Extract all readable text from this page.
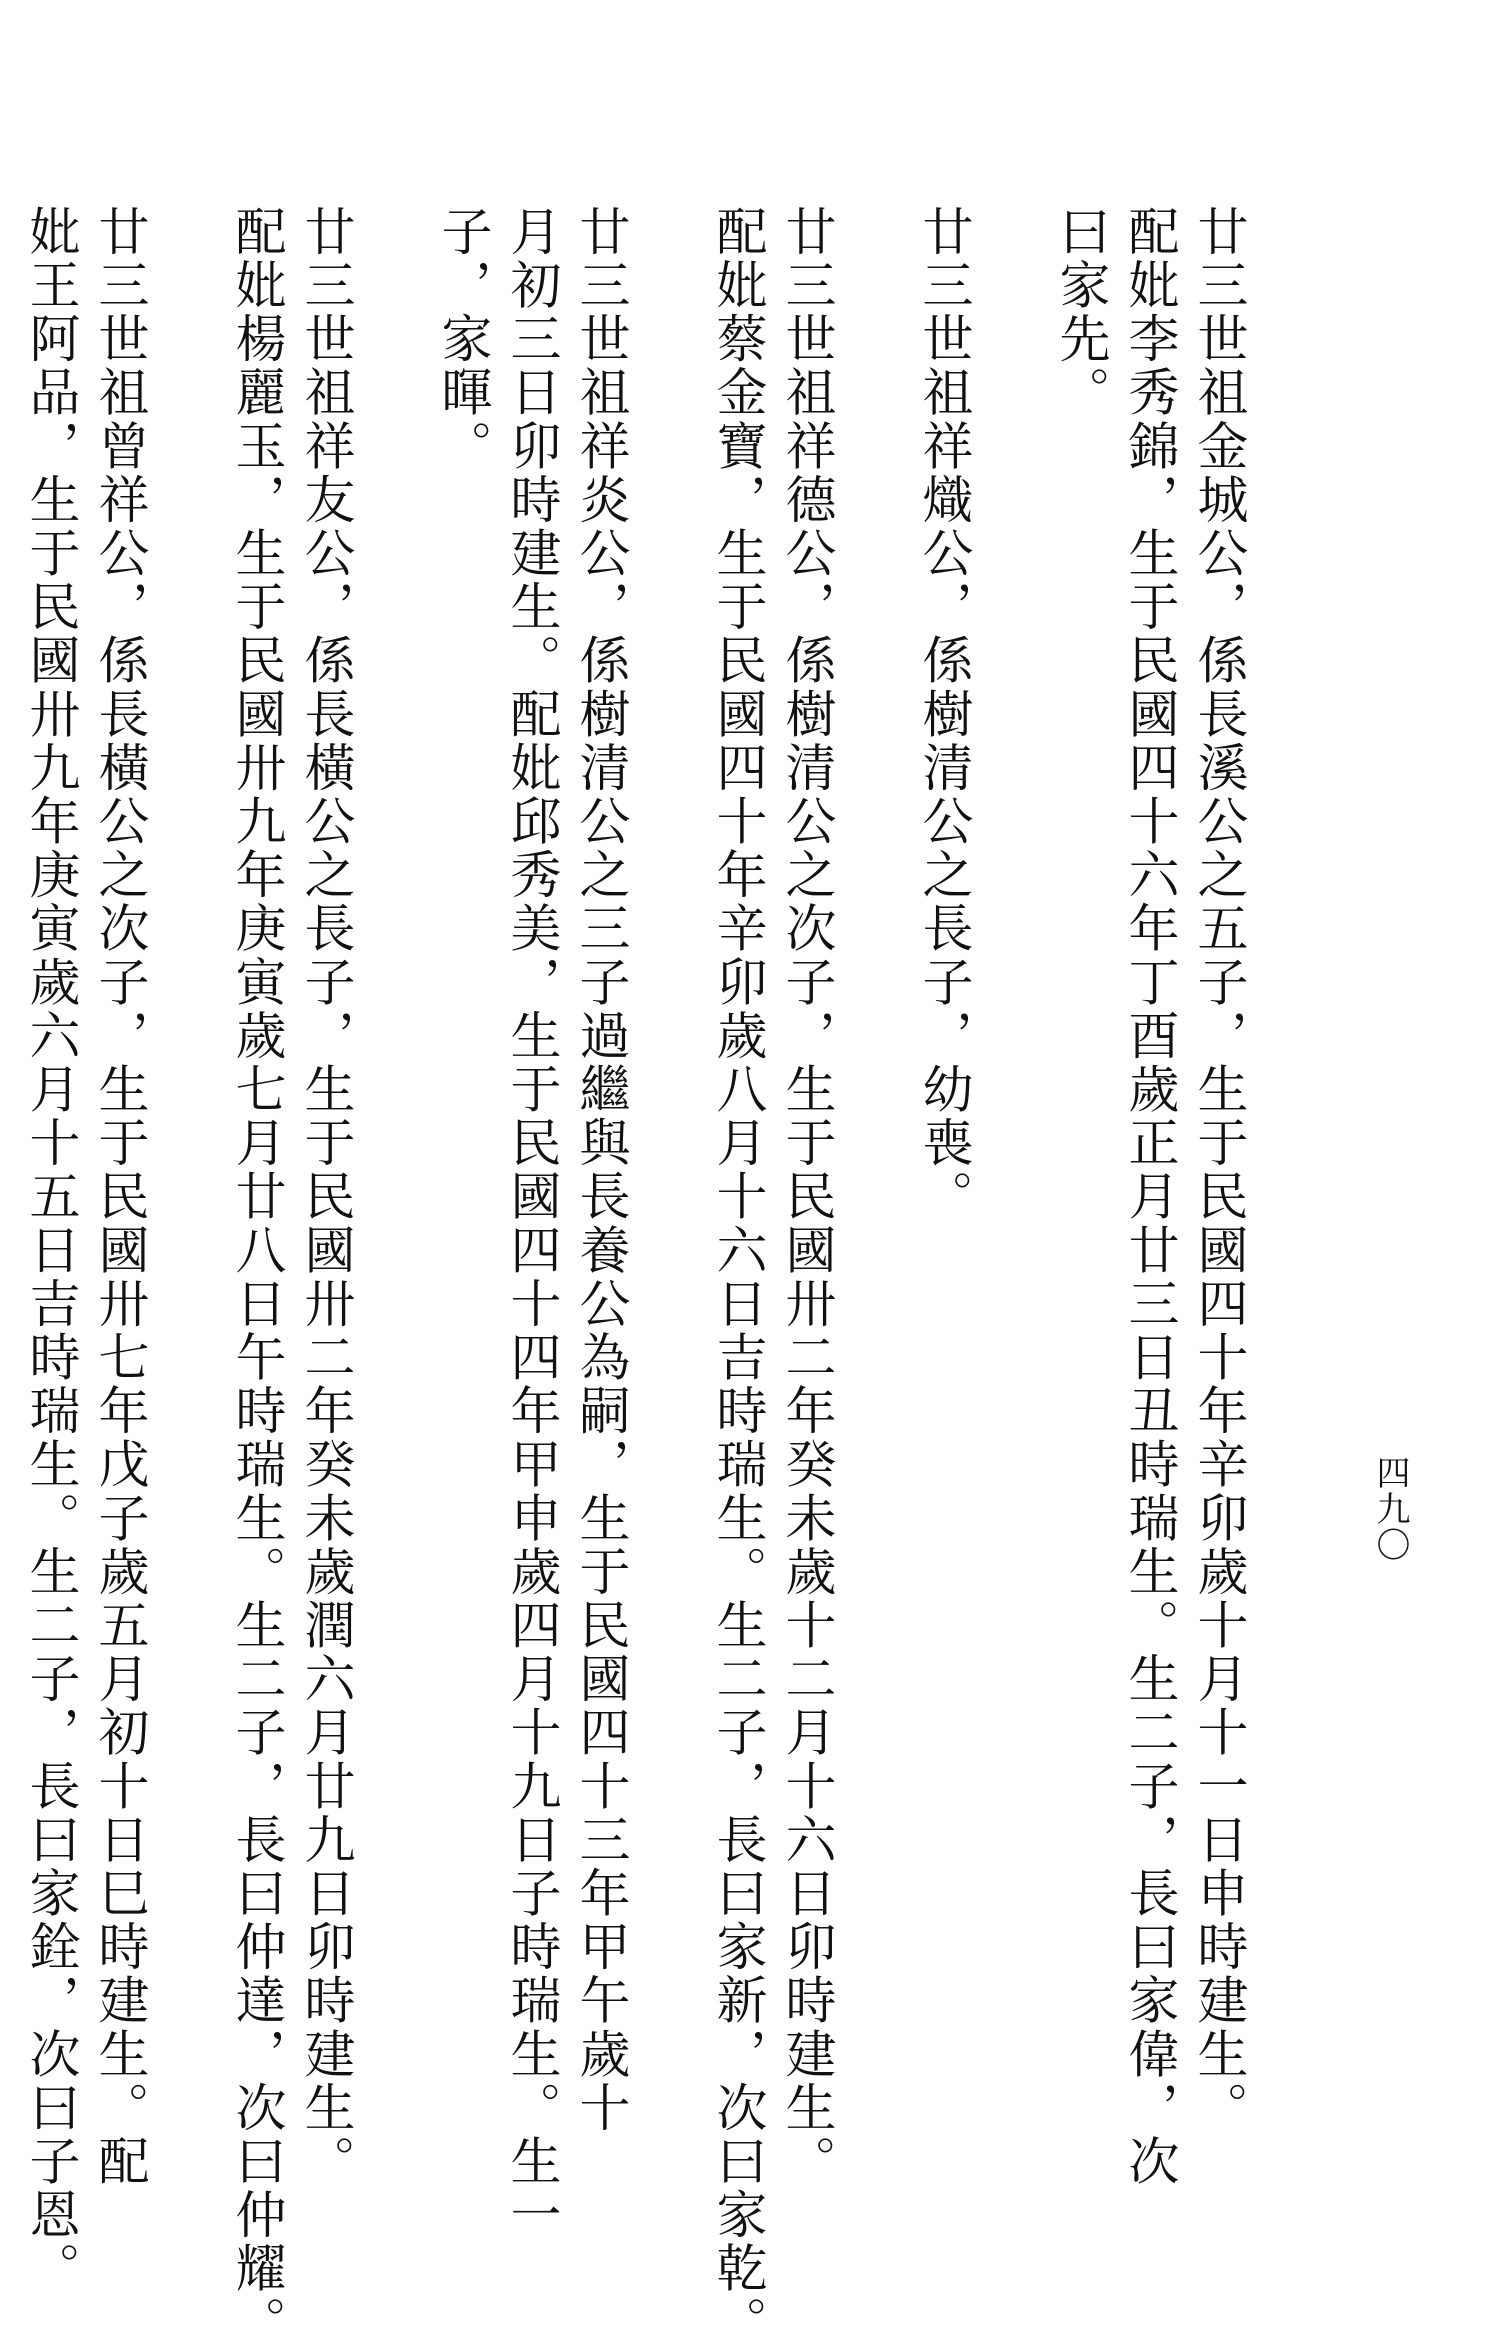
四九〇

廿三世祖金城公，係長溪公之五子，生于民國四十年辛卯歲十月十一日申時建生。

配妣李秀錦，生于民國四十六年丁酉歲正月廿三日丑時瑞生。生二子，長曰家偉，次

曰家先。

廿三世祖祥熾公，係樹清公之長子，幼喪。

廿三世祖祥德公，係樹清公之次子，生于民國卅二年癸未歲十二月十六日卯時建生。

配妣蔡金寶，生于民國四十年辛卯歲八月十六日吉時瑞生。生二子，長曰家新，次曰家乾。

廿三世祖祥炎公，係樹清公之三子過繼與長養公為嗣，生于民國四十三年甲午歲十

月初三日卯時建生。配妣邱秀美，生于民國四十四年甲申歲四月十九日子時瑞生。生一

子，家暉。

廿三世祖祥友公，係長橫公之長子，生于民國卅二年癸未歲潤六月廿九日卯時建生。

配妣楊麗玉，生于民國卅九年庚寅歲七月廿八日午時瑞生。生二子，長曰仲達，次曰仲耀。

廿三世祖曾祥公，係長橫公之次子，生于民國卅七年戊子歲五月初十日巳時建生。配

妣王阿品，生于民國卅九年庚寅歲六月十五日吉時瑞生。生二子，長曰家銓，次曰子恩。
